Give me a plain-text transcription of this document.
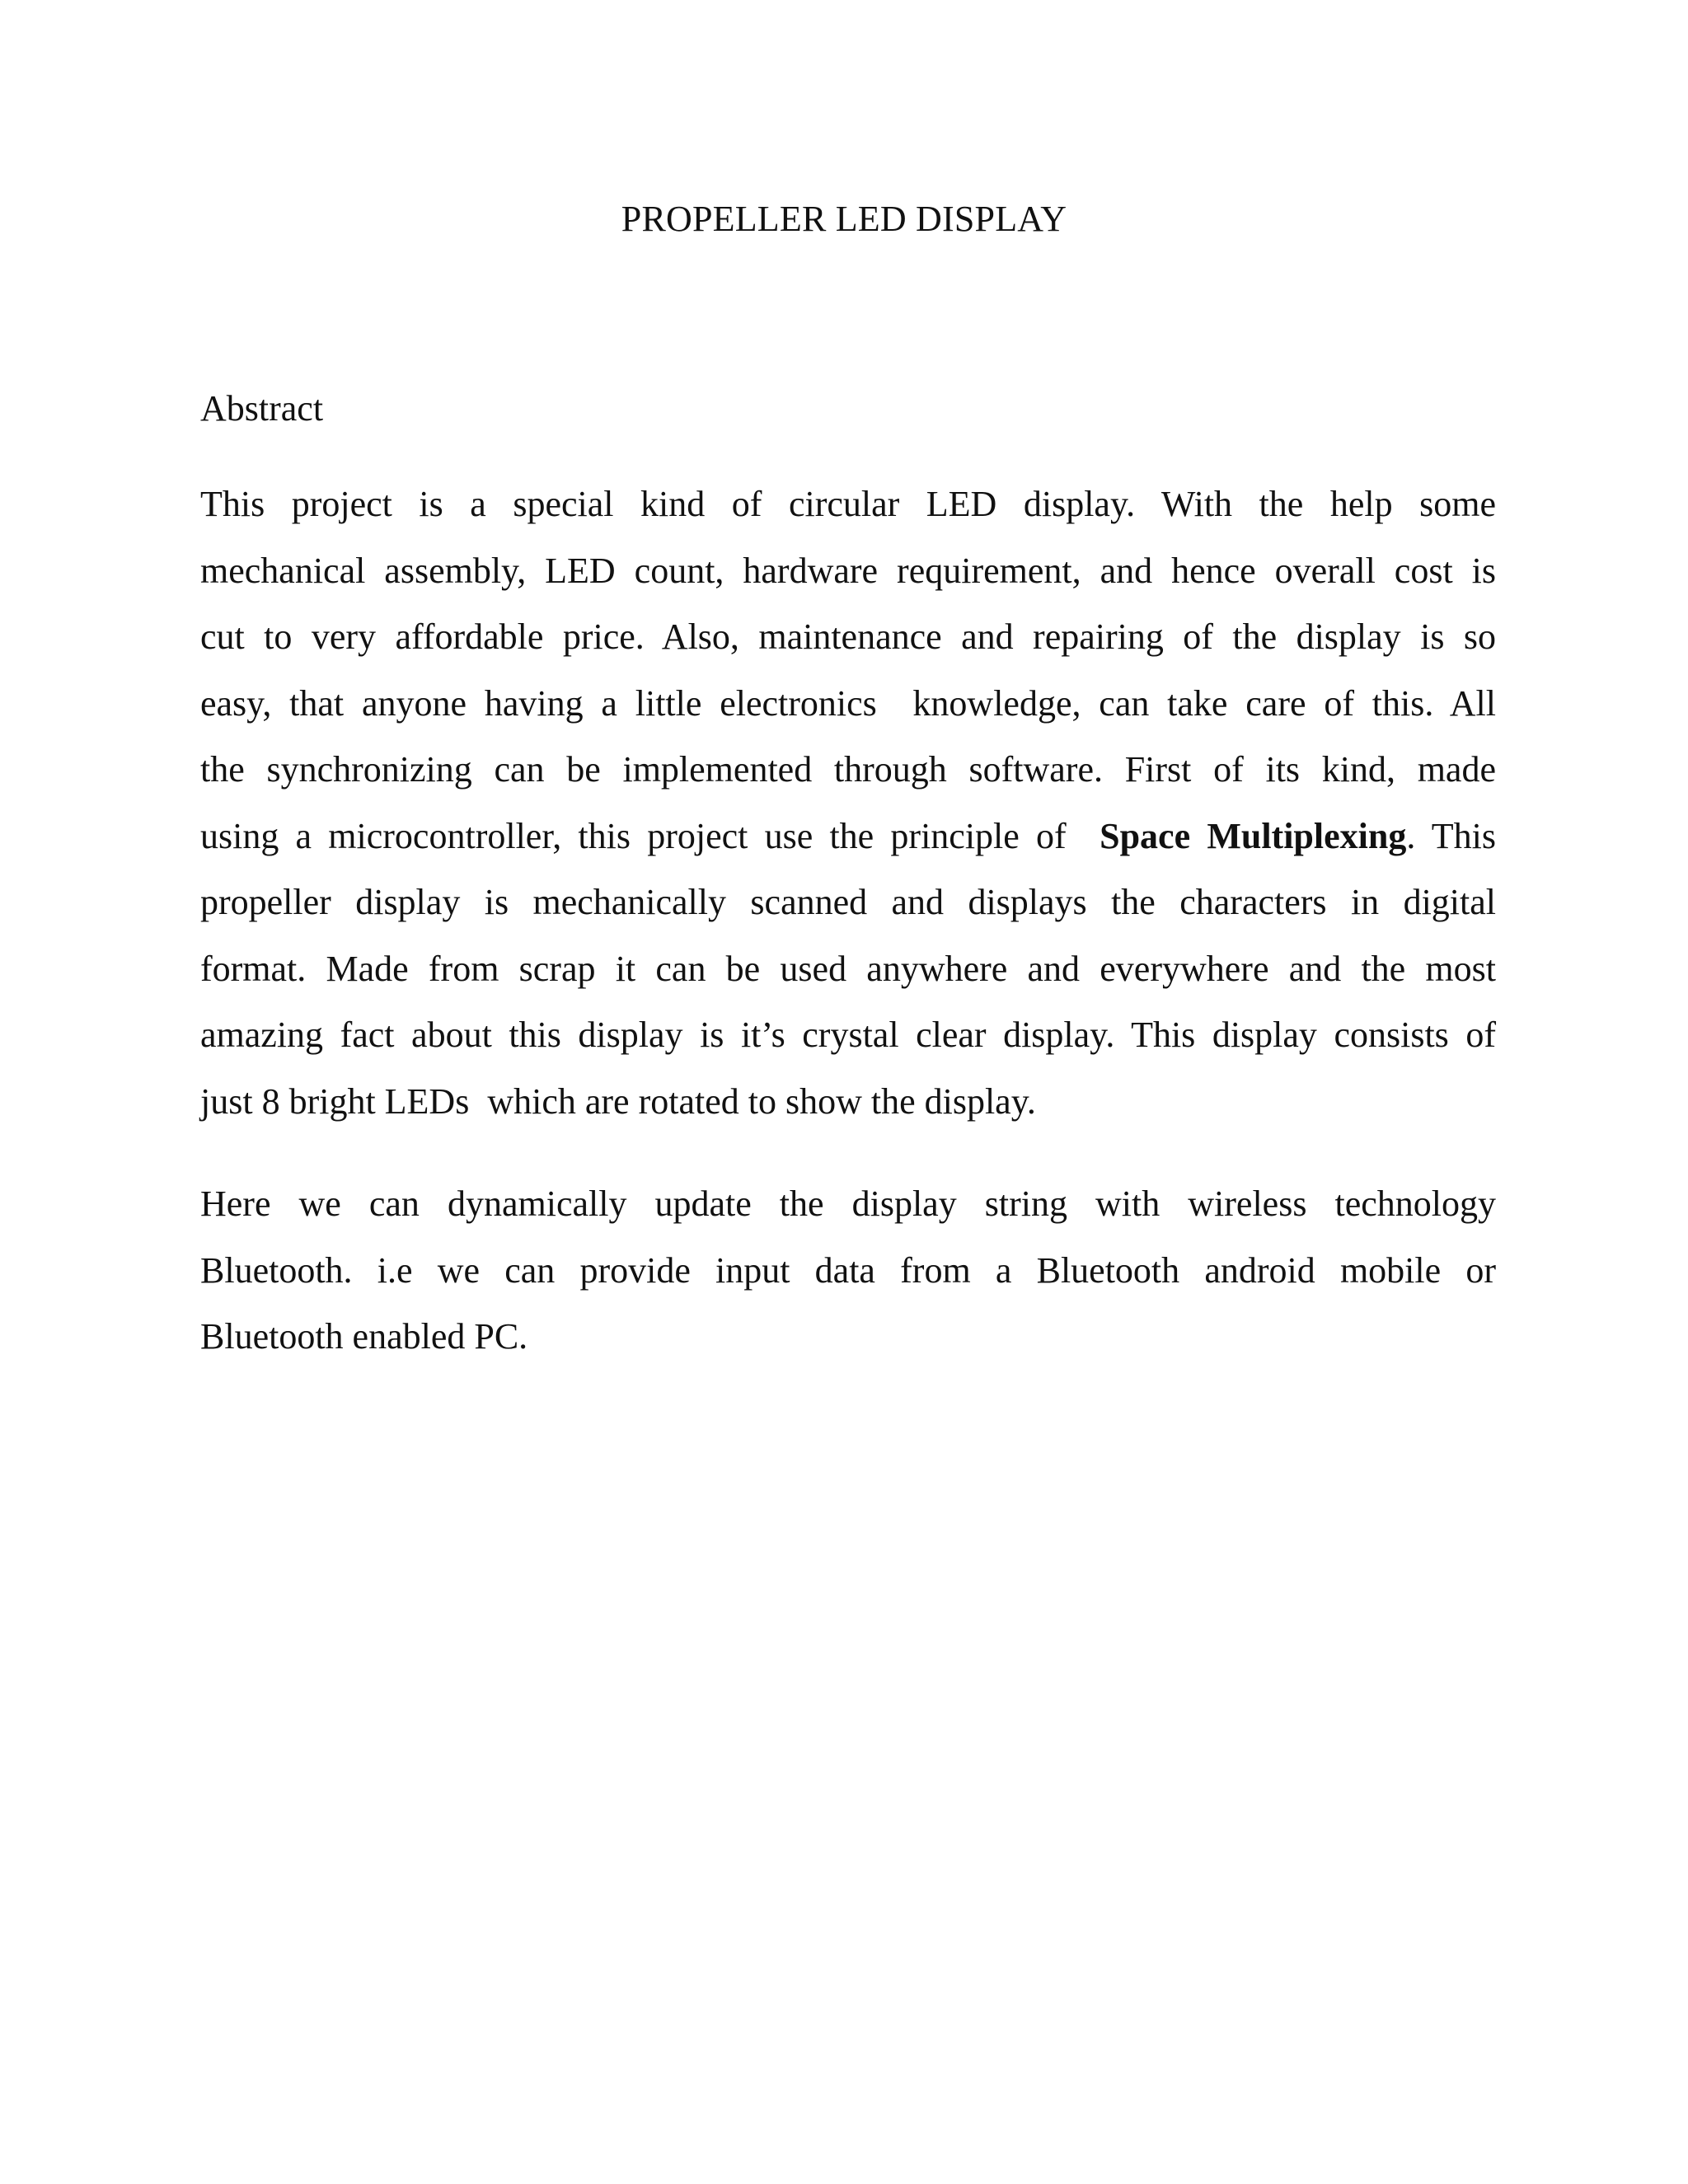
PROPELLER LED DISPLAY
Abstract
This project is a special kind of circular LED display. With the help some
mechanical assembly, LED count, hardware requirement, and hence overall cost is
cut to very affordable price. Also, maintenance and repairing of the display is so
easy, that anyone having a little electronics  knowledge, can take care of this. All
the synchronizing can be implemented through software. First of its kind, made
using a microcontroller, this project use the principle of  Space Multiplexing. This
propeller display is mechanically scanned and displays the characters in digital
format. Made from scrap it can be used anywhere and everywhere and the most
amazing fact about this display is it’s crystal clear display. This display consists of
just 8 bright LEDs  which are rotated to show the display.
Here we can dynamically update the display string with wireless technology
Bluetooth. i.e we can provide input data from a Bluetooth android mobile or
Bluetooth enabled PC.
